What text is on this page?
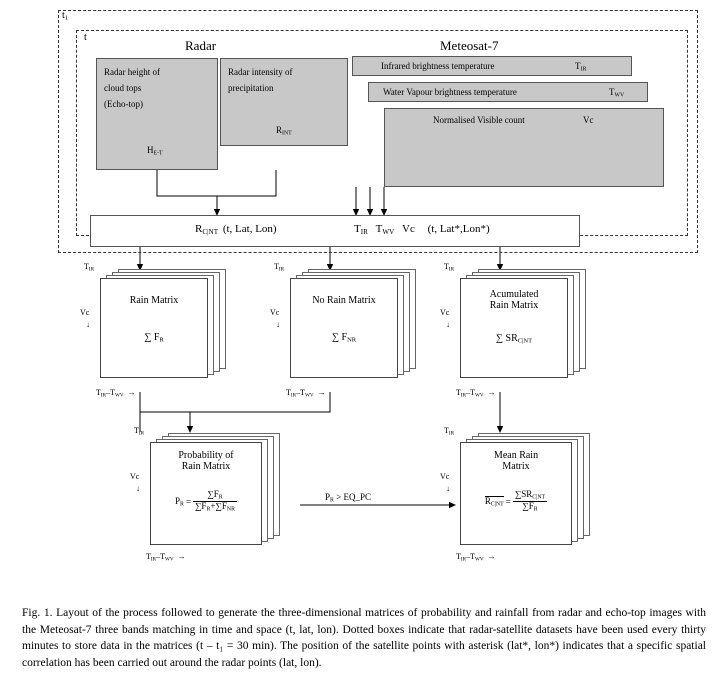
$t_1$
t
Radar	Meteosat-7
Radar height of
cloud tops
(Echo-top)
$H_{E-T}$
Radar intensity of
precipitation
$R_{INT}$
Infrared brightness temperature	$T_{IR}$
Water Vapour brightness temperature	$T_{WV}$
Normalised Visible count	Vc
$R_{C|NT}$ (t, Lat, Lon)	$T_{IR}$ $T_{WV}$ Vc (t, Lat*,Lon*)
Rain Matrix
∑ $F_R$
$T_{IR}$
Vc
↓
$T_{IR}-T_{WV}$  →
No Rain Matrix
∑ $F_{NR}$
$T_{IR}$
Vc
↓
$T_{IR}-T_{WV}$  →
Acumulated
Rain Matrix
∑ $SR_{C|NT}$
$T_{IR}$
Vc
↓
$T_{IR}-T_{WV}$  →
Probability of
Rain Matrix
$P_R = \frac{\sum F_R}{\sum F_R+\sum F_{NR}}$
$T_{IR}$
Vc
↓
$T_{IR}-T_{WV}$  →
$P_R$ > EQ_PC
Mean Rain
Matrix
$R_{C|NT} = \frac{\sum SR_{C|NT}}{\sum F_R}$
$T_{IR}$
Vc
↓
$T_{IR}-T_{WV}$  →
Fig. 1. Layout of the process followed to generate the three-dimensional matrices of probability and rainfall from radar and echo-top images with the Meteosat-7 three bands matching in time and space (t, lat, lon). Dotted boxes indicate that radar-satellite datasets have been used every thirty minutes to store data in the matrices (t – t₁ = 30 min). The position of the satellite points with asterisk (lat*, lon*) indicates that a specific spatial correlation has been carried out around the radar points (lat, lon).
